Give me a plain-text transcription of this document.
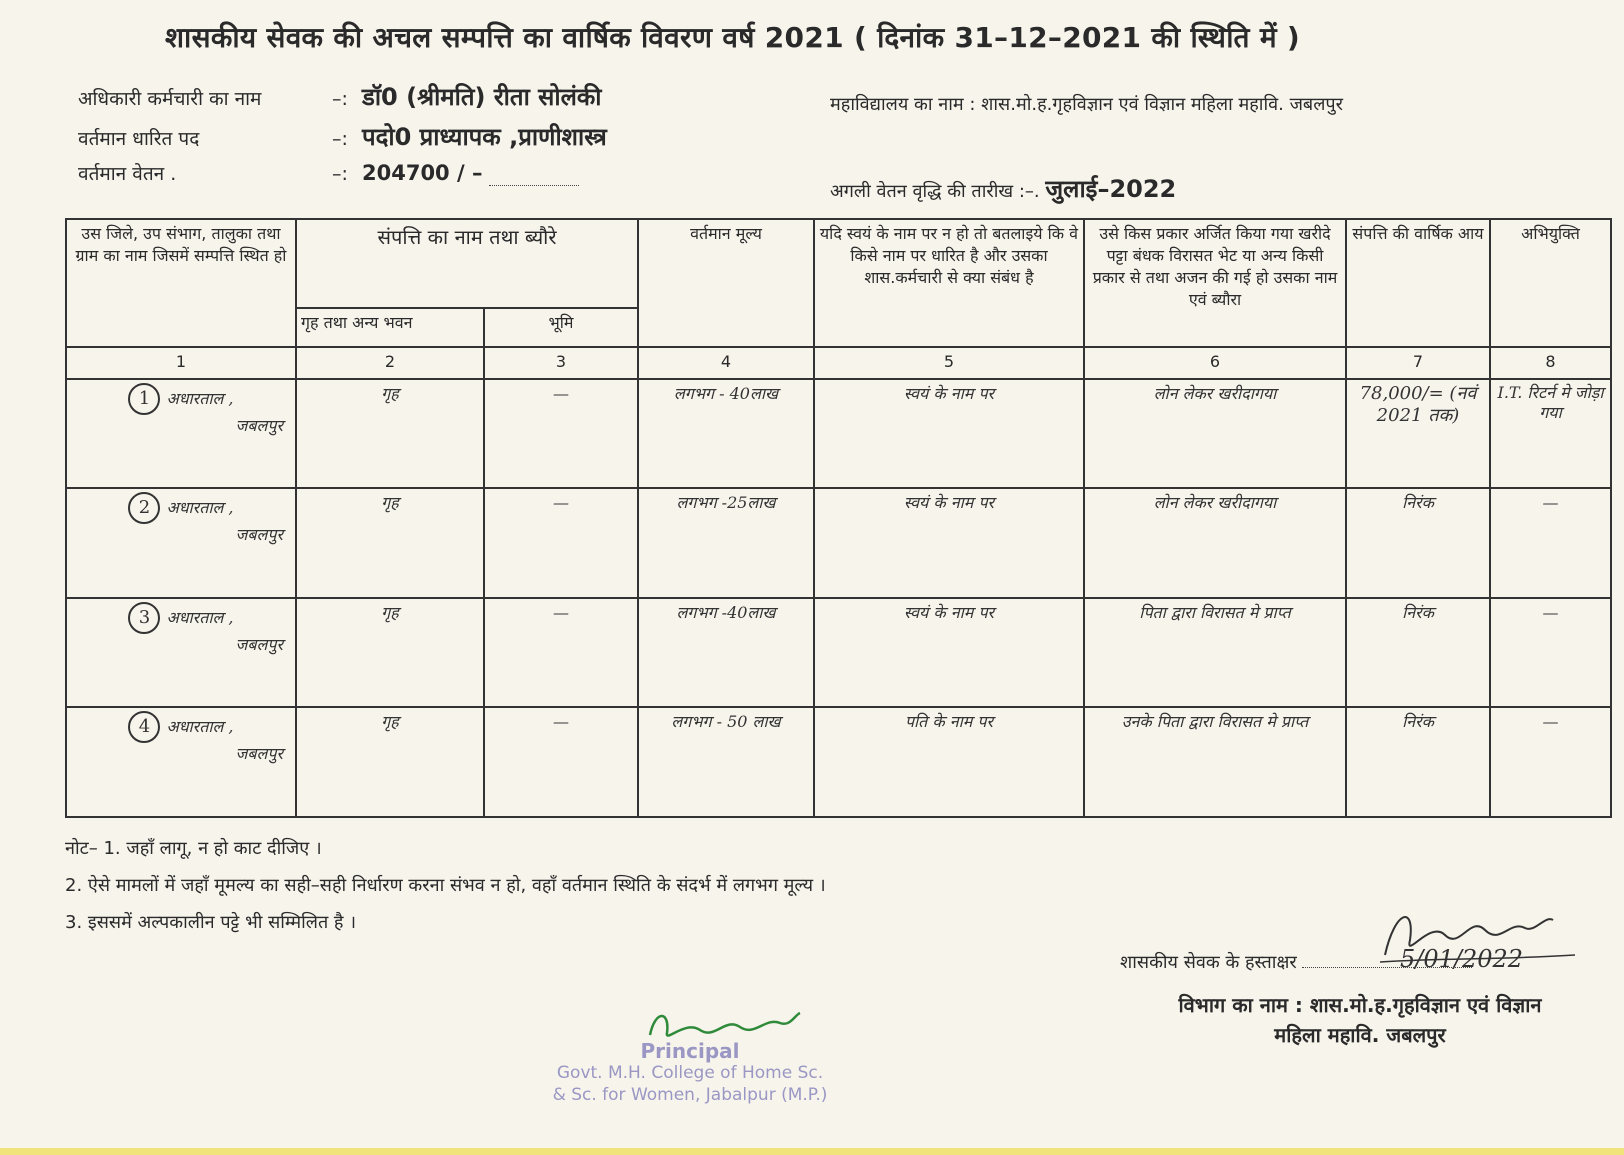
शासकीय सेवक की अचल सम्पत्ति का वार्षिक विवरण वर्ष 2021 ( दिनांक 31–12–2021 की स्थिति में )
अधिकारी कर्मचारी का नाम	–: डॉ0 (श्रीमति) रीता सोलंकी
वर्तमान धारित पद	–: पदो0 प्राध्यापक ,प्राणीशास्त्र
वर्तमान वेतन .	–: 204700 / –
महाविद्यालय का नाम : शास.मो.ह.गृहविज्ञान एवं विज्ञान महिला महावि. जबलपुर
अगली वेतन वृद्धि की तारीख :–. जुलाई–2022
उस जिले, उप संभाग, तालुका तथा ग्राम का नाम जिसमें सम्पत्ति स्थित हो	संपत्ति का नाम तथा ब्यौरे		वर्तमान मूल्य	यदि स्वयं के नाम पर न हो तो बतलाइये कि वे किसे नाम पर धारित है और उसका शास.कर्मचारी से क्या संबंध है	उसे किस प्रकार अर्जित किया गया खरीदे पट्टा बंधक विरासत भेट या अन्य किसी प्रकार से तथा अजन की गई हो उसका नाम एवं ब्यौरा	संपत्ति की वार्षिक आय	अभियुक्ति
	गृह तथा अन्य भवन	भूमि					
1	2	3	4	5	6	7	8
1 अधारताल ,
जबलपुर	गृह	—	लगभग - 40लाख	स्वयं के नाम पर	लोन लेकर खरीदागया	78,000/= (नवं 2021 तक)	I.T. रिटर्न मे जोड़ा गया
2 अधारताल ,
जबलपुर	गृह	—	लगभग -25लाख	स्वयं के नाम पर	लोन लेकर खरीदागया	निरंक	—
3 अधारताल ,
जबलपुर	गृह	—	लगभग -40लाख	स्वयं के नाम पर	पिता द्वारा विरासत मे प्राप्त	निरंक	—
4 अधारताल ,
जबलपुर	गृह	—	लगभग - 50 लाख	पति के नाम पर	उनके पिता द्वारा विरासत मे प्राप्त	निरंक	—
नोट– 1. जहाँ लागू, न हो काट दीजिए ।
2. ऐसे मामलों में जहाँ मूमल्य का सही–सही निर्धारण करना संभव न हो, वहाँ वर्तमान स्थिति के संदर्भ में लगभग मूल्य ।
3. इससमें अल्पकालीन पट्टे भी सम्मिलित है ।
5/01/2022
शासकीय सेवक के हस्ताक्षर
विभाग का नाम : शास.मो.ह.गृहविज्ञान एवं विज्ञान
महिला महावि. जबलपुर
Principal
Govt. M.H. College of Home Sc.
& Sc. for Women, Jabalpur (M.P.)
